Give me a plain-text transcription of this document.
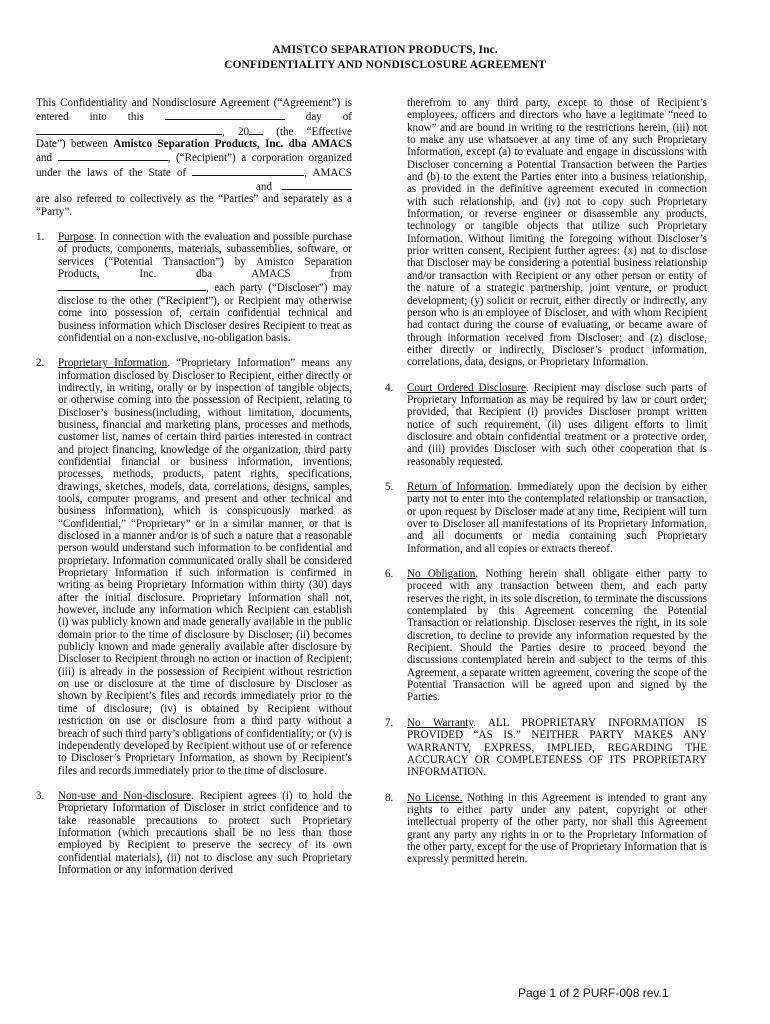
AMISTCO SEPARATION PRODUCTS, Inc.
CONFIDENTIALITY AND NONDISCLOSURE AGREEMENT

This Confidentiality and Nondisclosure Agreement (“Agreement”) is entered into this	day of , 20 (the “Effective Date”) between Amistco Separation Products, Inc. dba AMACS and	, (“Recipient”) a corporation organized under the laws of the State of	, AMACS and are also referred to collectively as the “Parties” and separately as a “Party”.

1.	Purpose. In connection with the evaluation and possible purchase of products, components, materials, subassemblies, software, or services (“Potential Transaction”) by Amistco Separation Products, Inc. dba AMACS from , each party (“Discloser”) may disclose to the other (“Recipient”), or Recipient may otherwise come into possession of, certain confidential technical and business information which Discloser desires Recipient to treat as confidential on a non-exclusive, no-obligation basis.
2.	Proprietary Information. “Proprietary Information” means any information disclosed by Discloser to Recipient, either directly or indirectly, in writing, orally or by inspection of tangible objects, or otherwise coming into the possession of Recipient, relating to Discloser’s business(including, without limitation, documents, business, financial and marketing plans, processes and methods, customer list, names of certain third parties interested in contract and project financing, knowledge of the organization, third party confidential financial or business information, inventions, processes, methods, products, patent rights, specifications, drawings, sketches, models, data, correlations, designs, samples, tools, computer programs, and present and other technical and business information), which is conspicuously marked as “Confidential,” “Proprietary” or in a similar manner, or that is disclosed in a manner and/or is of such a nature that a reasonable person would understand such information to be confidential and proprietary. Information communicated orally shall be considered Proprietary Information if such information is confirmed in writing as being Proprietary Information within thirty (30) days after the initial disclosure. Proprietary Information shall not, however, include any information which Recipient can establish (i) was publicly known and made generally available in the public domain prior to the time of disclosure by Discloser; (ii) becomes publicly known and made generally available after disclosure by Discloser to Recipient through no action or inaction of Recipient; (iii) is already in the possession of Recipient without restriction on use or disclosure at the time of disclosure by Discloser as shown by Recipient’s files and records immediately prior to the time of disclosure; (iv) is obtained by Recipient without restriction on use or disclosure from a third party without a breach of such third party’s obligations of confidentiality; or (v) is independently developed by Recipient without use of or reference to Discloser’s Proprietary Information, as shown by Recipient’s files and records immediately prior to the time of disclosure.
3.	Non-use and Non-disclosure. Recipient agrees (i) to hold the Proprietary Information of Discloser in strict confidence and to take reasonable precautions to protect such Proprietary Information (which precautions shall be no less than those employed by Recipient to preserve the secrecy of its own confidential materials), (ii) not to disclose any such Proprietary Information or any information derived
therefrom to any third party, except to those of Recipient’s employees, officers and directors who have a legitimate “need to know” and are bound in writing to the restrictions herein, (iii) not to make any use whatsoever at any time of any such Proprietary Information, except (a) to evaluate and engage in discussions with Discloser concerning a Potential Transaction between the Parties and (b) to the extent the Parties enter into a business relationship, as provided in the definitive agreement executed in connection with such relationship, and (iv) not to copy such Proprietary Information, or reverse engineer or disassemble any products, technology or tangible objects that utilize such Proprietary Information. Without limiting the foregoing without Discloser’s prior written consent, Recipient further agrees: (x) not to disclose that Discloser may be considering a potential business relationship and/or transaction with Recipient or any other person or entity of the nature of a strategic partnership, joint venture, or product development; (y) solicit or recruit, either directly or indirectly, any person who is an employee of Discloser, and with whom Recipient had contact during the course of evaluating, or became aware of through information received from Discloser; and (z) disclose, either directly or indirectly, Discloser’s product information, correlations, data, designs, or Proprietary Information.
4.	Court Ordered Disclosure. Recipient may disclose such parts of Proprietary Information as may be required by law or court order; provided, that Recipient (i) provides Discloser prompt written notice of such requirement, (ii) uses diligent efforts to limit disclosure and obtain confidential treatment or a protective order, and (iii) provides Discloser with such other cooperation that is reasonably requested.
5.	Return of Information. Immediately upon the decision by either party not to enter into the contemplated relationship or transaction, or upon request by Discloser made at any time, Recipient will turn over to Discloser all manifestations of its Proprietary Information, and all documents or media containing such Proprietary Information, and all copies or extracts thereof.
6.	No Obligation. Nothing herein shall obligate either party to proceed with any transaction between them, and each party reserves the right, in its sole discretion, to terminate the discussions contemplated by this Agreement concerning the Potential Transaction or relationship. Discloser reserves the right, in its sole discretion, to decline to provide any information requested by the Recipient. Should the Parties desire to proceed beyond the discussions contemplated herein and subject to the terms of this Agreement, a separate written agreement, covering the scope of the Potential Transaction will be agreed upon and signed by the Parties.
7.	No Warranty. ALL PROPRIETARY INFORMATION IS PROVIDED “AS IS.” NEITHER PARTY MAKES ANY WARRANTY, EXPRESS, IMPLIED, REGARDING THE ACCURACY OR COMPLETENESS OF ITS PROPRIETARY INFORMATION.
8.	No License. Nothing in this Agreement is intended to grant any rights to either party under any patent, copyright or other intellectual property of the other party, nor shall this Agreement grant any party any rights in or to the Proprietary Information of the other party, except for the use of Proprietary Information that is expressly permitted herein.
Page 1 of 2 PURF-008 rev.1
